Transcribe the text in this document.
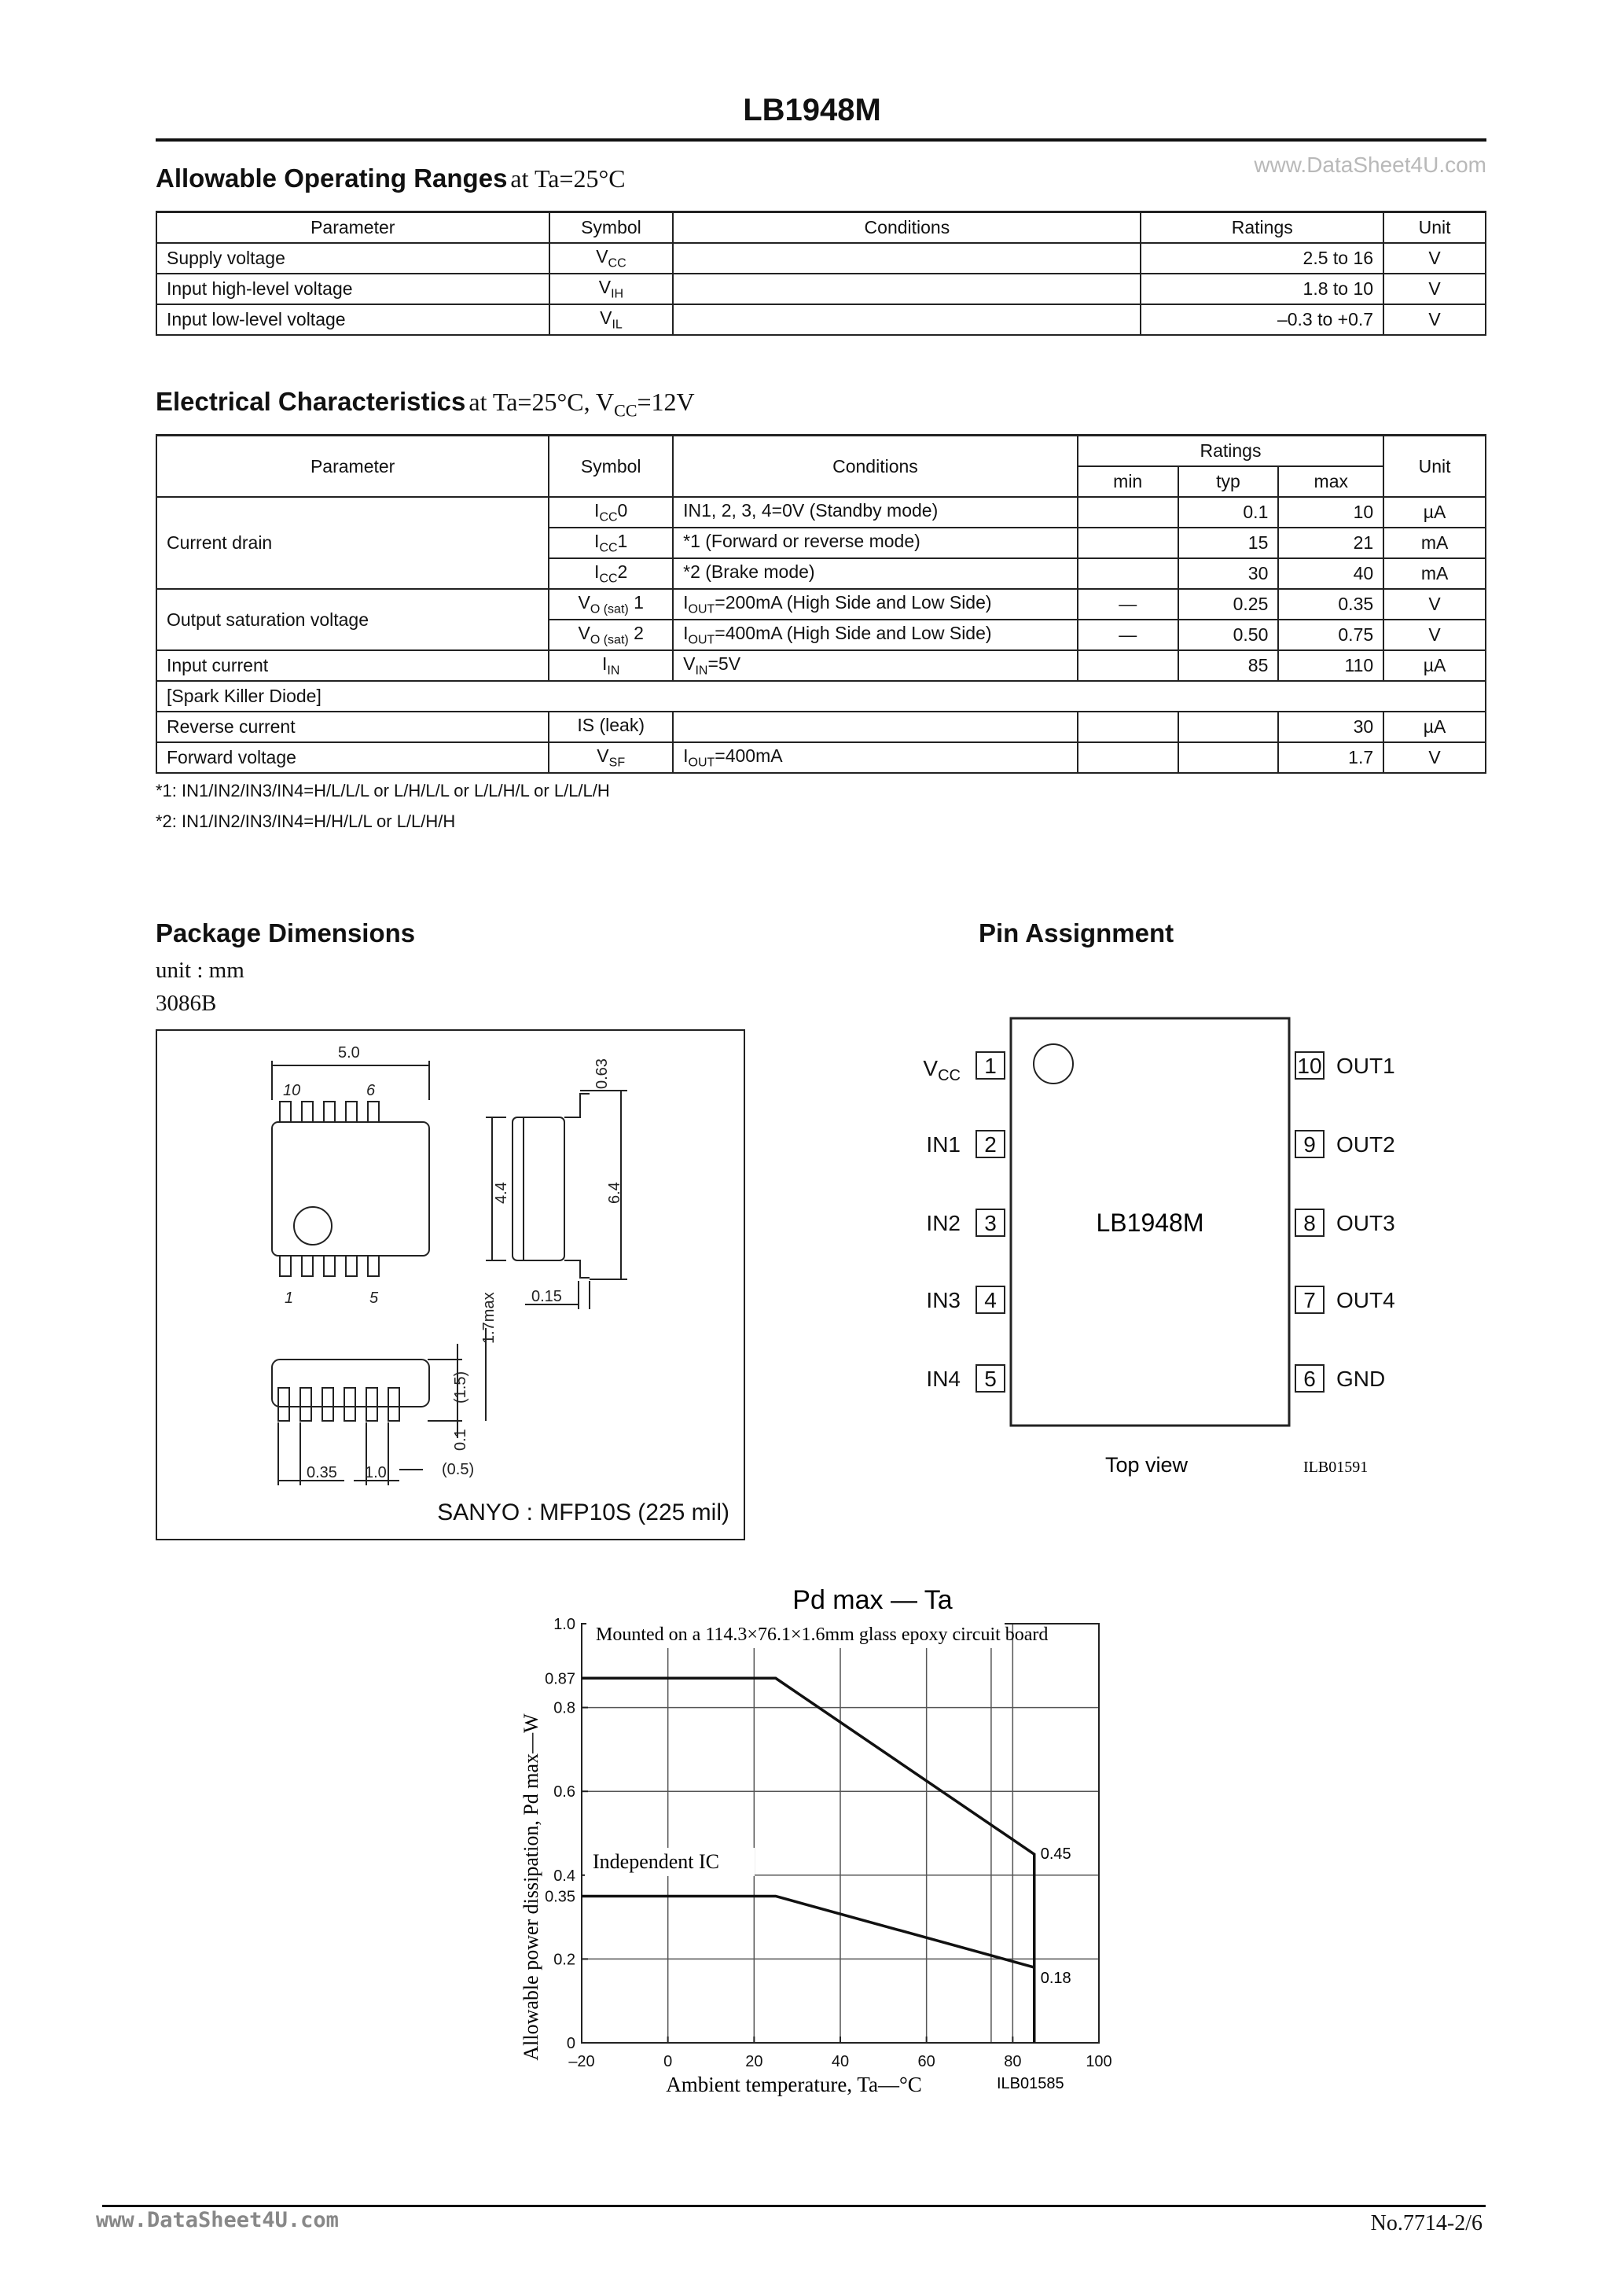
LB1948M
www.DataSheet4U.com
Allowable Operating Ranges at Ta=25°C
Parameter	Symbol	Conditions	Ratings	Unit
Supply voltage	$V_{CC}$		2.5 to 16	V
Input high-level voltage	$V_{IH}$		1.8 to 10	V
Input low-level voltage	$V_{IL}$		–0.3 to +0.7	V
Electrical Characteristics at Ta=25°C, $V_{CC}=12V$
Parameter	Symbol	Conditions	Ratings			Unit
			min	typ	max	
Current drain	$I_{CC}0$	IN1, 2, 3, 4=0V (Standby mode)		0.1	10	µA
	$I_{CC}1$	*1 (Forward or reverse mode)		15	21	mA
	$I_{CC}2$	*2 (Brake mode)		30	40	mA
Output saturation voltage	$V_{O (sat)}$ 1	$I_{OUT}=200mA$ (High Side and Low Side)	—	0.25	0.35	V
	$V_{O (sat)}$ 2	$I_{OUT}=400mA$ (High Side and Low Side)	—	0.50	0.75	V
Input current	$I_{IN}$	$V_{IN}=5V$		85	110	µA
[Spark Killer Diode]						
Reverse current	IS (leak)				30	µA
Forward voltage	$V_{SF}$	$I_{OUT}=400mA$			1.7	V
*1: IN1/IN2/IN3/IN4=H/L/L/L or L/H/L/L or L/L/H/L or L/L/L/H
*2: IN1/IN2/IN3/IN4=H/H/L/L or L/L/H/H
Package Dimensions
unit : mm
3086B
5.0
10	6
1	5
4.4	6.4
0.63
0.15
1.7max
(1.5)
0.1
0.35 1.0	(0.5)
SANYO : MFP10S (225 mil)
Pin Assignment
LB1948M
1
$V_{CC}$
2
IN1
3
IN2
4
IN3
5
IN4
10 OUT1
9 OUT2
8 OUT3
7 OUT4
6 GND
Top view	ILB01591
Pd max — Ta
–20	0	20	40	60	80	100
0
0.2
0.35
0.4
0.6
0.8
0.87
1.0 Mounted on a 114.3×76.1×1.6mm glass epoxy circuit board
Independent IC	0.45
0.18
Allowable power dissipation, Pd max—W
Ambient temperature, Ta—°C	ILB01585
www.DataSheet4U.com	No.7714-2/6
